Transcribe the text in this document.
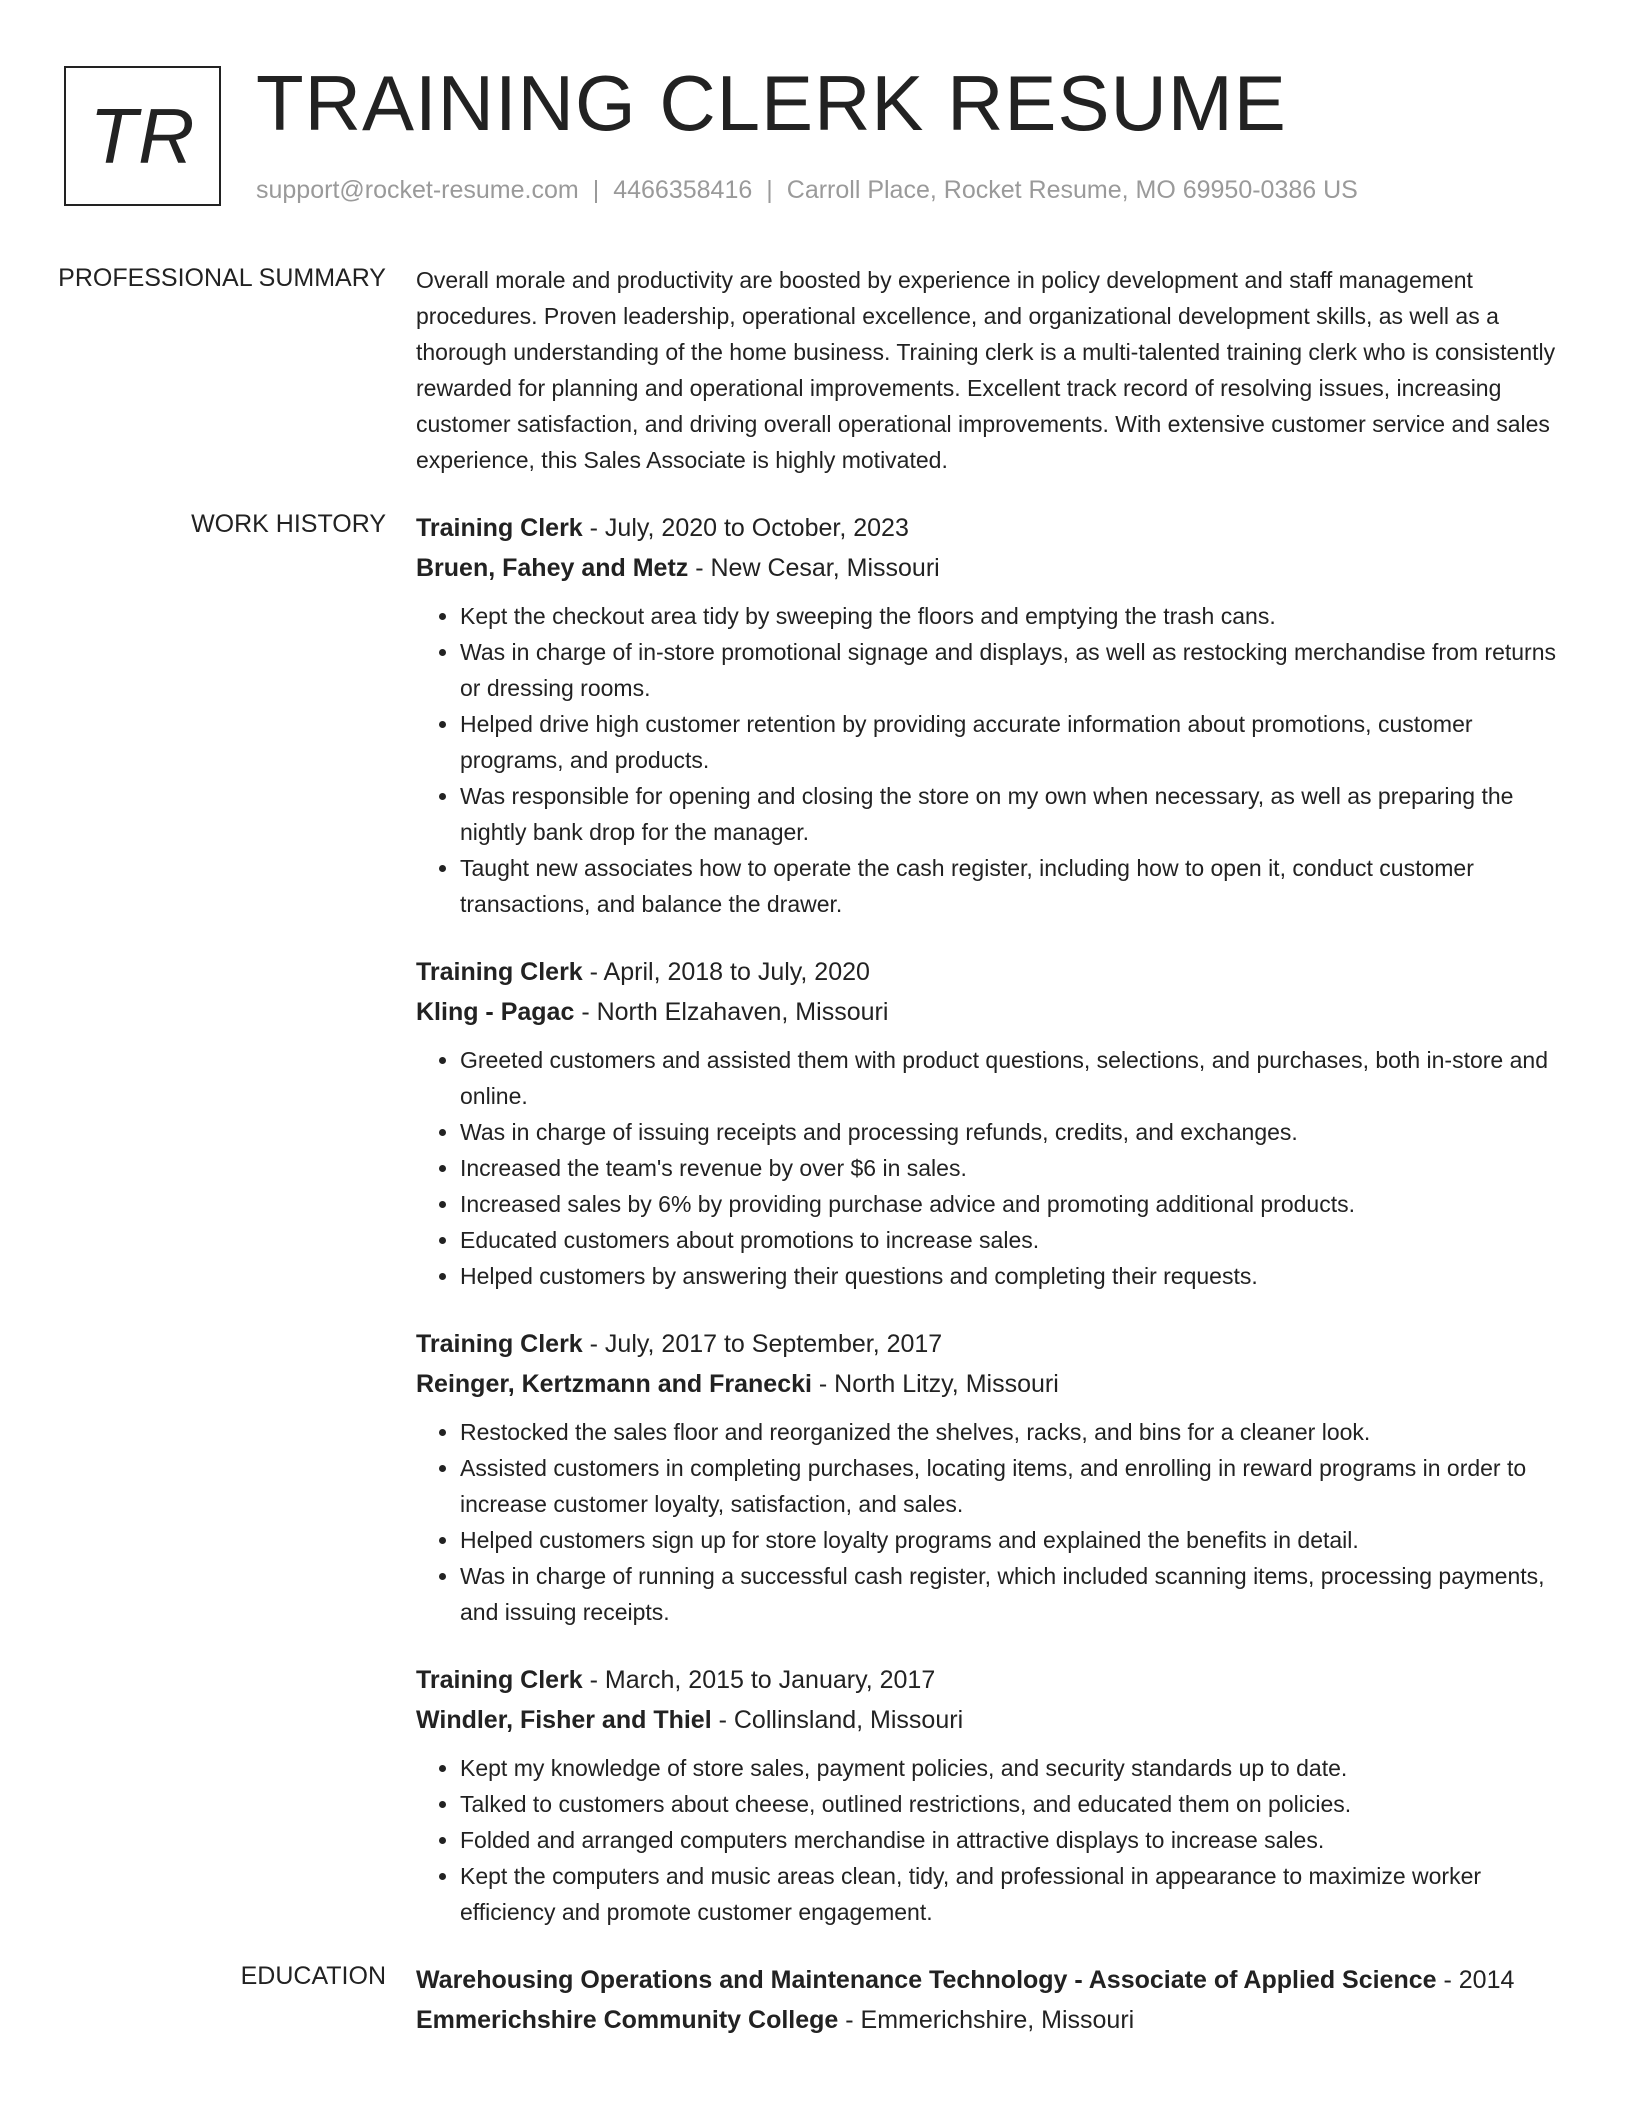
TR TRAINING CLERK RESUME
support@rocket-resume.com | 4466358416 | Carroll Place, Rocket Resume, MO 69950-0386 US
PROFESSIONAL SUMMARY	Overall morale and productivity are boosted by experience in policy development and staff management procedures. Proven leadership, operational excellence, and organizational development skills, as well as a thorough understanding of the home business. Training clerk is a multi-talented training clerk who is consistently rewarded for planning and operational improvements. Excellent track record of resolving issues, increasing customer satisfaction, and driving overall operational improvements. With extensive customer service and sales experience, this Sales Associate is highly motivated.

WORK HISTORY	Training Clerk - July, 2020 to October, 2023
Bruen, Fahey and Metz - New Cesar, Missouri
• Kept the checkout area tidy by sweeping the floors and emptying the trash cans.
• Was in charge of in-store promotional signage and displays, as well as restocking merchandise from returns or dressing rooms.
• Helped drive high customer retention by providing accurate information about promotions, customer programs, and products.
• Was responsible for opening and closing the store on my own when necessary, as well as preparing the nightly bank drop for the manager.
• Taught new associates how to operate the cash register, including how to open it, conduct customer transactions, and balance the drawer.
Training Clerk - April, 2018 to July, 2020
Kling - Pagac - North Elzahaven, Missouri
• Greeted customers and assisted them with product questions, selections, and purchases, both in-store and online.
• Was in charge of issuing receipts and processing refunds, credits, and exchanges.
• Increased the team's revenue by over $6 in sales.
• Increased sales by 6% by providing purchase advice and promoting additional products.
• Educated customers about promotions to increase sales.
• Helped customers by answering their questions and completing their requests.
Training Clerk - July, 2017 to September, 2017
Reinger, Kertzmann and Franecki - North Litzy, Missouri
• Restocked the sales floor and reorganized the shelves, racks, and bins for a cleaner look.
• Assisted customers in completing purchases, locating items, and enrolling in reward programs in order to increase customer loyalty, satisfaction, and sales.
• Helped customers sign up for store loyalty programs and explained the benefits in detail.
• Was in charge of running a successful cash register, which included scanning items, processing payments, and issuing receipts.
Training Clerk - March, 2015 to January, 2017
Windler, Fisher and Thiel - Collinsland, Missouri
• Kept my knowledge of store sales, payment policies, and security standards up to date.
• Talked to customers about cheese, outlined restrictions, and educated them on policies.
• Folded and arranged computers merchandise in attractive displays to increase sales.
• Kept the computers and music areas clean, tidy, and professional in appearance to maximize worker efficiency and promote customer engagement.
EDUCATION	Warehousing Operations and Maintenance Technology - Associate of Applied Science - 2014
Emmerichshire Community College - Emmerichshire, Missouri
